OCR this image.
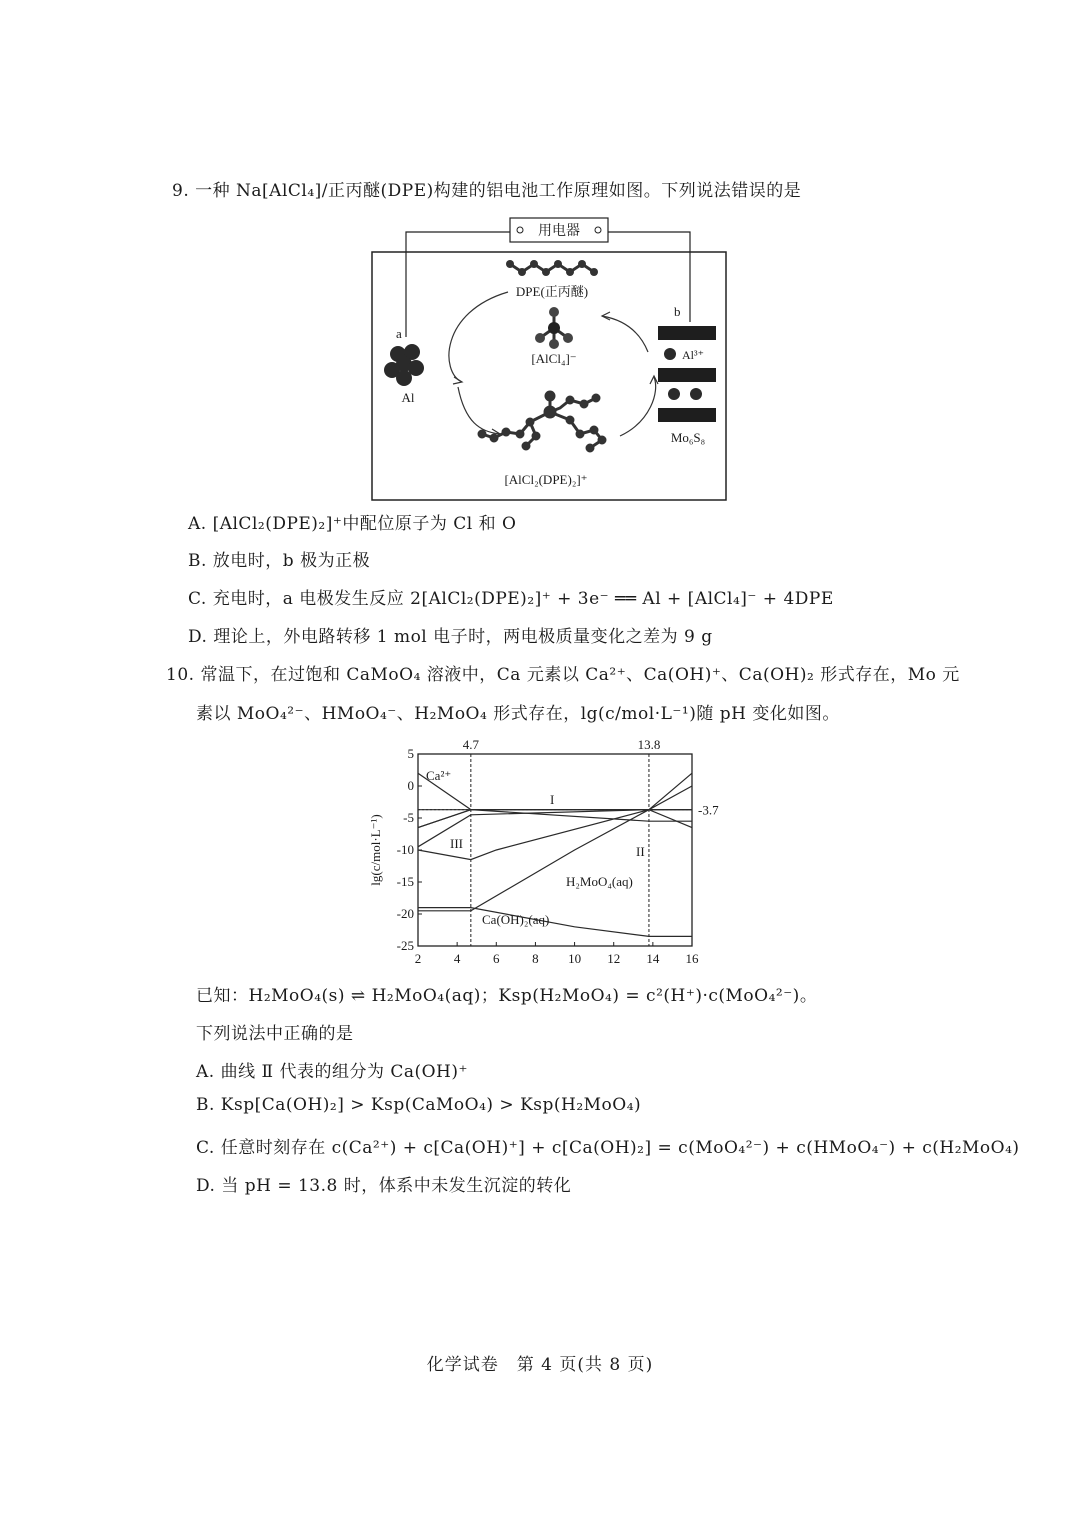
9. 一种 Na[AlCl₄]/正丙醚(DPE)构建的铝电池工作原理如图。下列说法错误的是
用电器
DPE(正丙醚)
[AlCl₄]⁻
[AlCl₂(DPE)₂]⁺
a
Al
b
Al³⁺
Mo₆S₈
A. [AlCl₂(DPE)₂]⁺中配位原子为 Cl 和 O
B. 放电时，b 极为正极
C. 充电时，a 电极发生反应 2[AlCl₂(DPE)₂]⁺ + 3e⁻ ══ Al + [AlCl₄]⁻ + 4DPE
D. 理论上，外电路转移 1 mol 电子时，两电极质量变化之差为 9 g
10. 常温下，在过饱和 CaMoO₄ 溶液中，Ca 元素以 Ca²⁺、Ca(OH)⁺、Ca(OH)₂ 形式存在，Mo 元
素以 MoO₄²⁻、HMoO₄⁻、H₂MoO₄ 形式存在，lg(c/mol·L⁻¹)随 pH 变化如图。
2	4	6	8 10 12 14 16
5
0
-5
-10
-15
-20
-25
4.7	13.8
-3.7
Ca²⁺
I
II
III
H₂MoO₄(aq)
Ca(OH)₂(aq)
lg(c/mol·L⁻¹)
已知：H₂MoO₄(s) ⇌ H₂MoO₄(aq)；Ksp(H₂MoO₄) = c²(H⁺)·c(MoO₄²⁻)。
下列说法中正确的是
A. 曲线 Ⅱ 代表的组分为 Ca(OH)⁺
B. Ksp[Ca(OH)₂] > Ksp(CaMoO₄) > Ksp(H₂MoO₄)
C. 任意时刻存在 c(Ca²⁺) + c[Ca(OH)⁺] + c[Ca(OH)₂] = c(MoO₄²⁻) + c(HMoO₄⁻) + c(H₂MoO₄)
D. 当 pH = 13.8 时，体系中未发生沉淀的转化
化学试卷　第 4 页(共 8 页)
